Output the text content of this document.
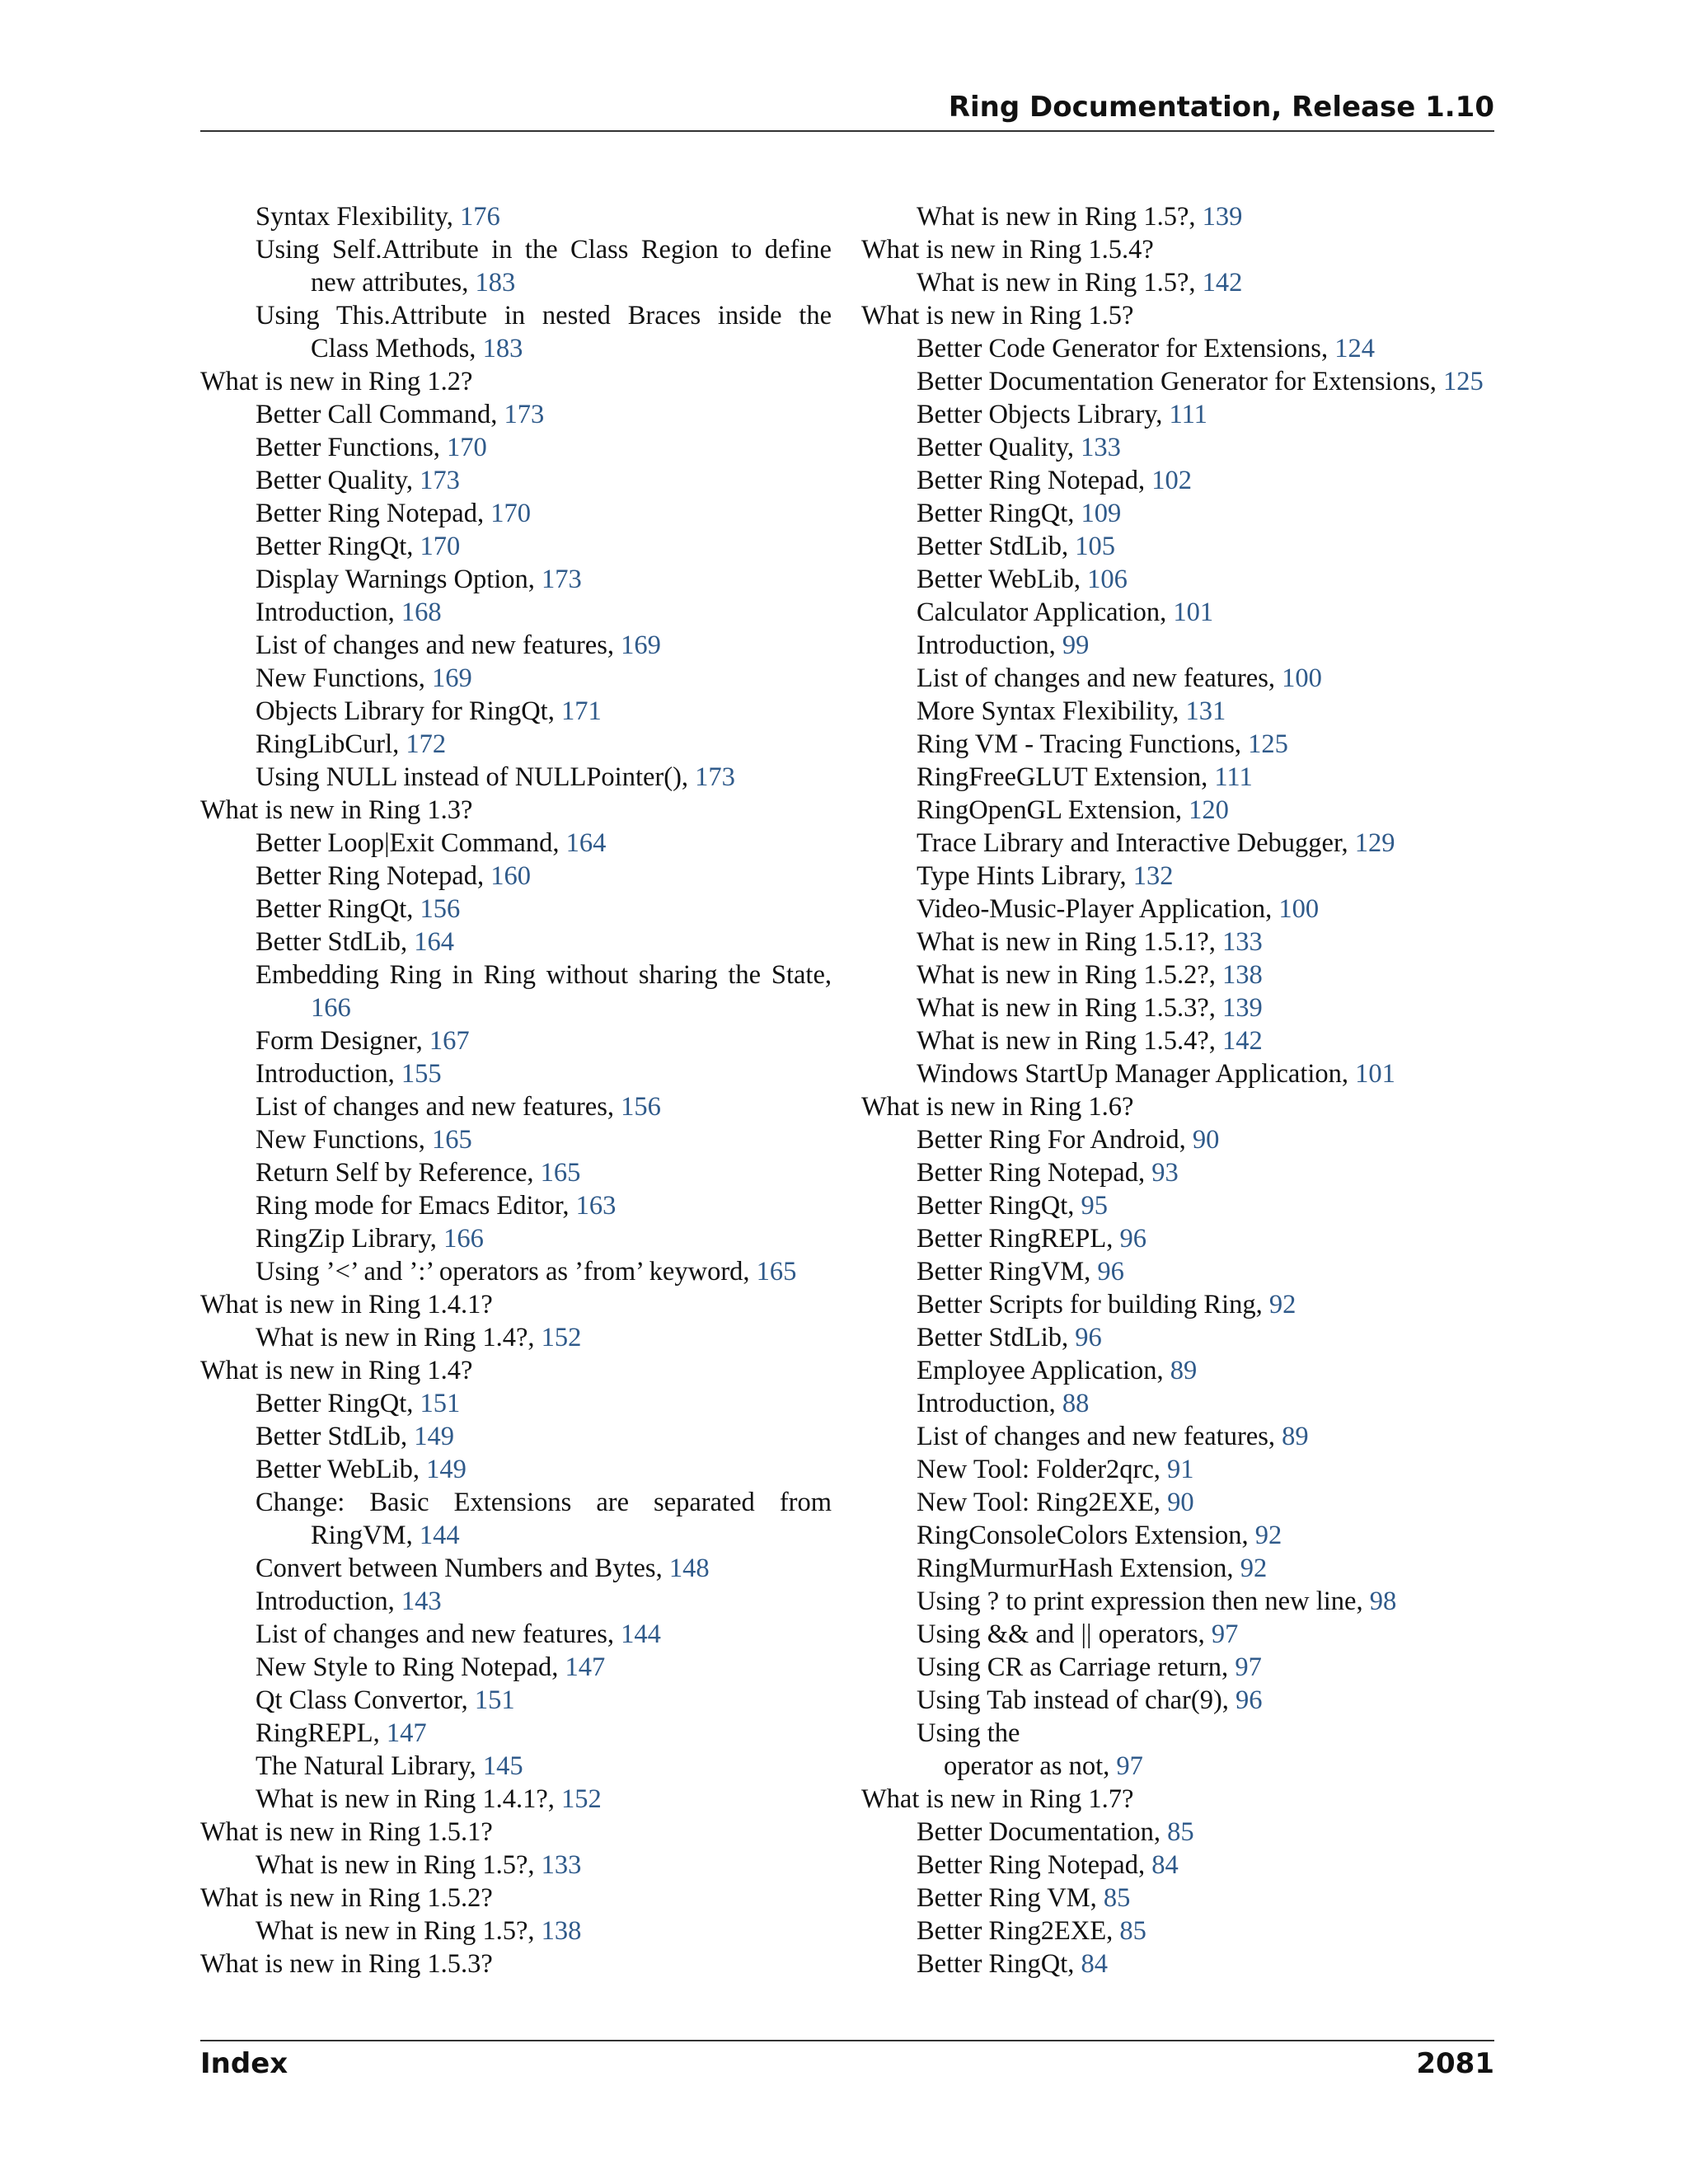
Ring Documentation, Release 1.10

Syntax Flexibility, 176

Using Self.Attribute in the Class Region to define new attributes, 183

Using This.Attribute in nested Braces inside the Class Methods, 183

What is new in Ring 1.2?

Better Call Command, 173

Better Functions, 170

Better Quality, 173

Better Ring Notepad, 170

Better RingQt, 170

Display Warnings Option, 173

Introduction, 168

List of changes and new features, 169

New Functions, 169

Objects Library for RingQt, 171

RingLibCurl, 172

Using NULL instead of NULLPointer(), 173

What is new in Ring 1.3?

Better Loop|Exit Command, 164

Better Ring Notepad, 160

Better RingQt, 156

Better StdLib, 164

Embedding Ring in Ring without sharing the State, 166

Form Designer, 167

Introduction, 155

List of changes and new features, 156

New Functions, 165

Return Self by Reference, 165

Ring mode for Emacs Editor, 163

RingZip Library, 166

Using ’<’ and ’:’ operators as ’from’ keyword, 165

What is new in Ring 1.4.1?

What is new in Ring 1.4?, 152

What is new in Ring 1.4?

Better RingQt, 151

Better StdLib, 149

Better WebLib, 149

Change: Basic Extensions are separated from RingVM, 144

Convert between Numbers and Bytes, 148

Introduction, 143

List of changes and new features, 144

New Style to Ring Notepad, 147

Qt Class Convertor, 151

RingREPL, 147

The Natural Library, 145

What is new in Ring 1.4.1?, 152

What is new in Ring 1.5.1?

What is new in Ring 1.5?, 133

What is new in Ring 1.5.2?

What is new in Ring 1.5?, 138

What is new in Ring 1.5.3?

What is new in Ring 1.5?, 139

What is new in Ring 1.5.4?

What is new in Ring 1.5?, 142

What is new in Ring 1.5?

Better Code Generator for Extensions, 124

Better Documentation Generator for Extensions, 125

Better Objects Library, 111

Better Quality, 133

Better Ring Notepad, 102

Better RingQt, 109

Better StdLib, 105

Better WebLib, 106

Calculator Application, 101

Introduction, 99

List of changes and new features, 100

More Syntax Flexibility, 131

Ring VM - Tracing Functions, 125

RingFreeGLUT Extension, 111

RingOpenGL Extension, 120

Trace Library and Interactive Debugger, 129

Type Hints Library, 132

Video-Music-Player Application, 100

What is new in Ring 1.5.1?, 133

What is new in Ring 1.5.2?, 138

What is new in Ring 1.5.3?, 139

What is new in Ring 1.5.4?, 142

Windows StartUp Manager Application, 101

What is new in Ring 1.6?

Better Ring For Android, 90

Better Ring Notepad, 93

Better RingQt, 95

Better RingREPL, 96

Better RingVM, 96

Better Scripts for building Ring, 92

Better StdLib, 96

Employee Application, 89

Introduction, 88

List of changes and new features, 89

New Tool: Folder2qrc, 91

New Tool: Ring2EXE, 90

RingConsoleColors Extension, 92

RingMurmurHash Extension, 92

Using ? to print expression then new line, 98

Using && and || operators, 97

Using CR as Carriage return, 97

Using Tab instead of char(9), 96

Using the

operator as not, 97

What is new in Ring 1.7?

Better Documentation, 85

Better Ring Notepad, 84

Better Ring VM, 85

Better Ring2EXE, 85

Better RingQt, 84

Index	2081
